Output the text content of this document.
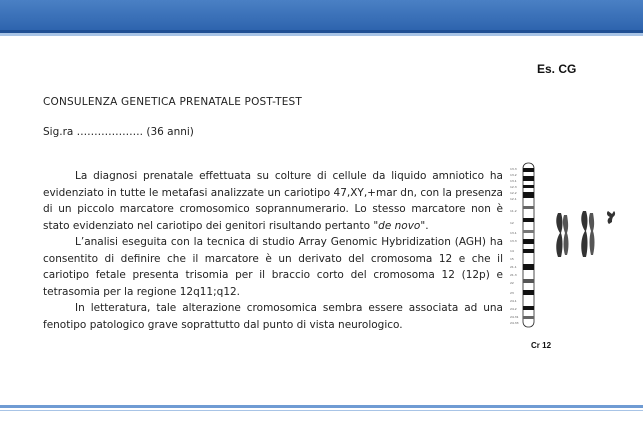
Es. CG
CONSULENZA GENETICA PRENATALE POST-TEST
Sig.ra ………………. (36 anni)

La diagnosi prenatale effettuata su colture di cellule da liquido amniotico ha evidenziato in tutte le metafasi analizzate un cariotipo 47,XY,+mar dn, con la presenza di un piccolo marcatore cromosomico soprannumerario. Lo stesso marcatore non è stato evidenziato nel cariotipo dei genitori risultando pertanto "de novo".

L’analisi eseguita con la tecnica di studio Array Genomic Hybridization (AGH) ha consentito di definire che il marcatore è un derivato del cromosoma 12 e che il cariotipo fetale presenta trisomia per il braccio corto del cromosoma 12 (12p) e tetrasomia per la regione 12q11;q12.

In letteratura, tale alterazione cromosomica sembra essere associata ad una fenotipo patologico grave soprattutto dal punto di vista neurologico.

13.3
13.2
13.1
12.3
12.2
12.1
11.2
12
13.1
13.3
14
15
21.1
21.3
22
23
24.1
24.2
24.31
24.33
Cr 12
